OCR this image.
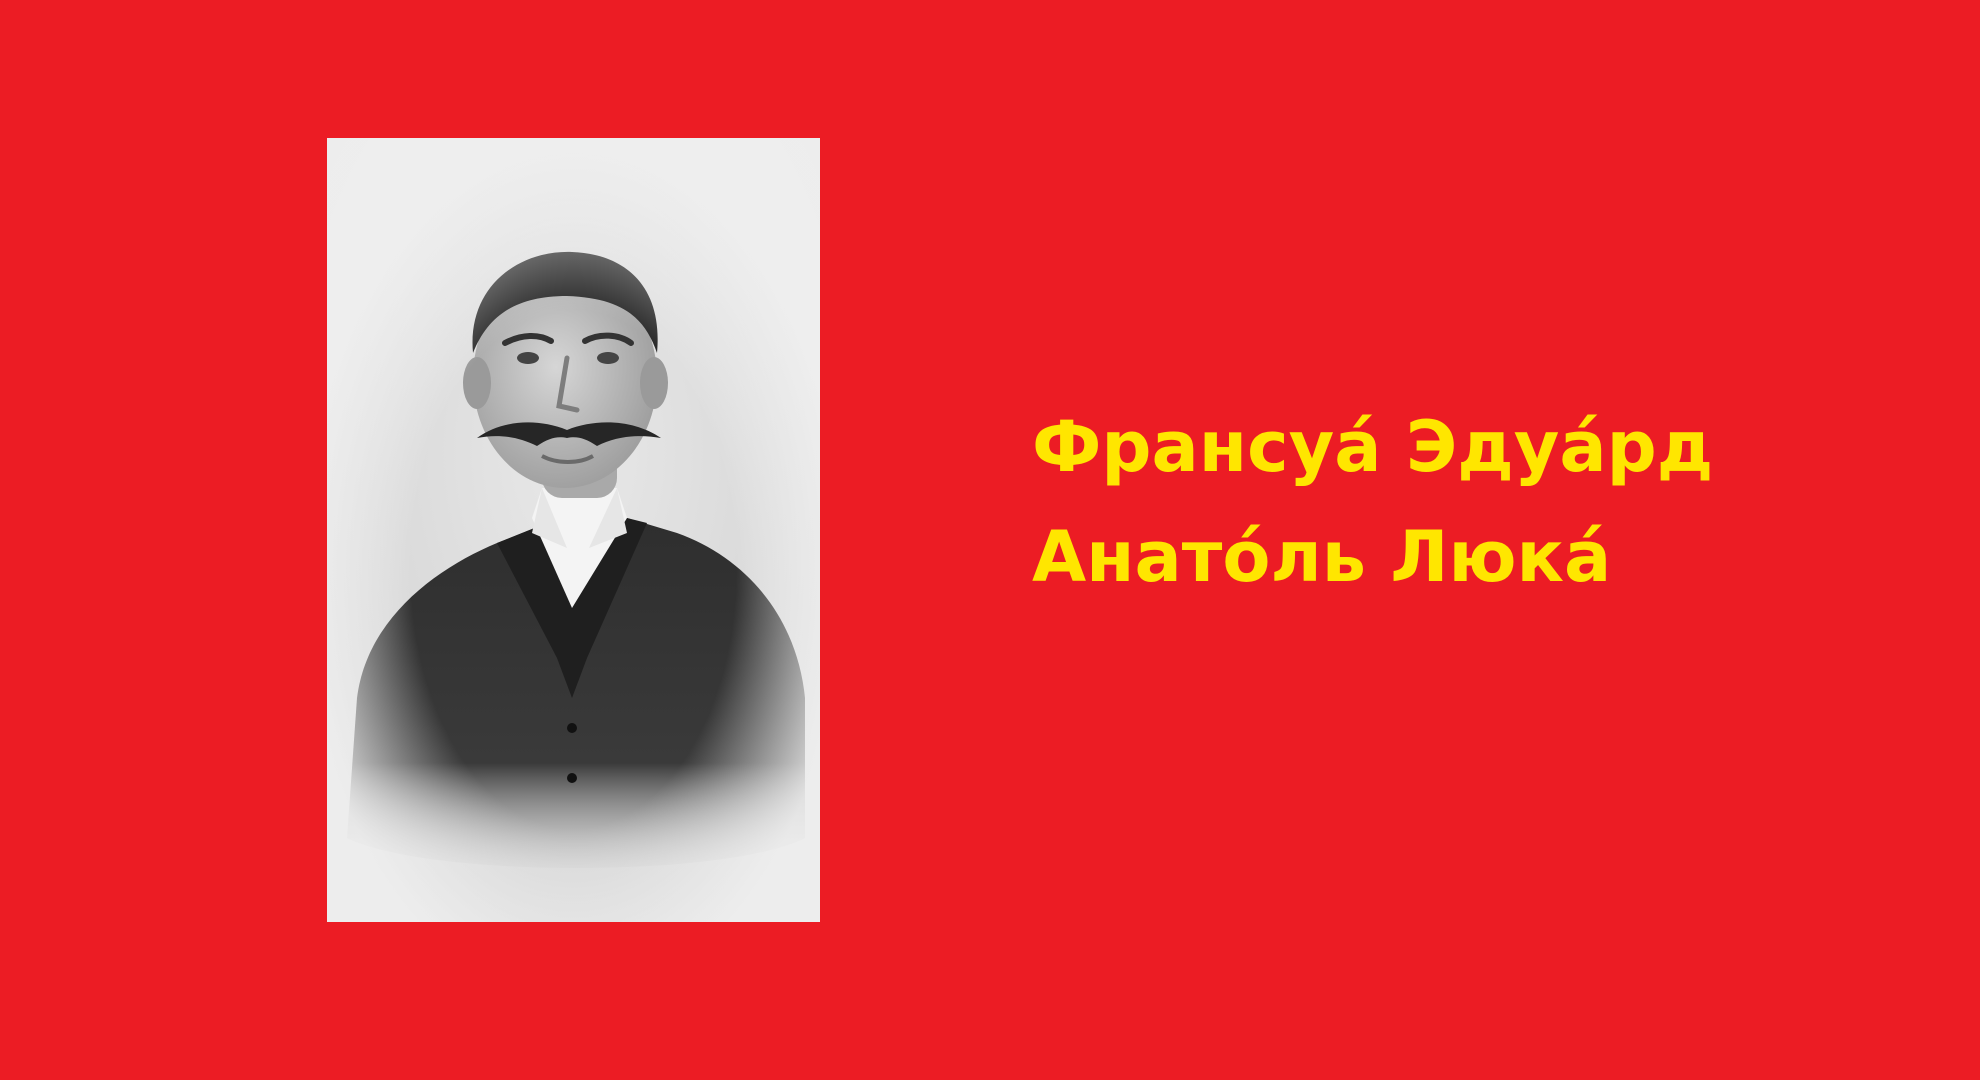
Франсуа́ Эдуа́рд
Анато́ль Люка́
